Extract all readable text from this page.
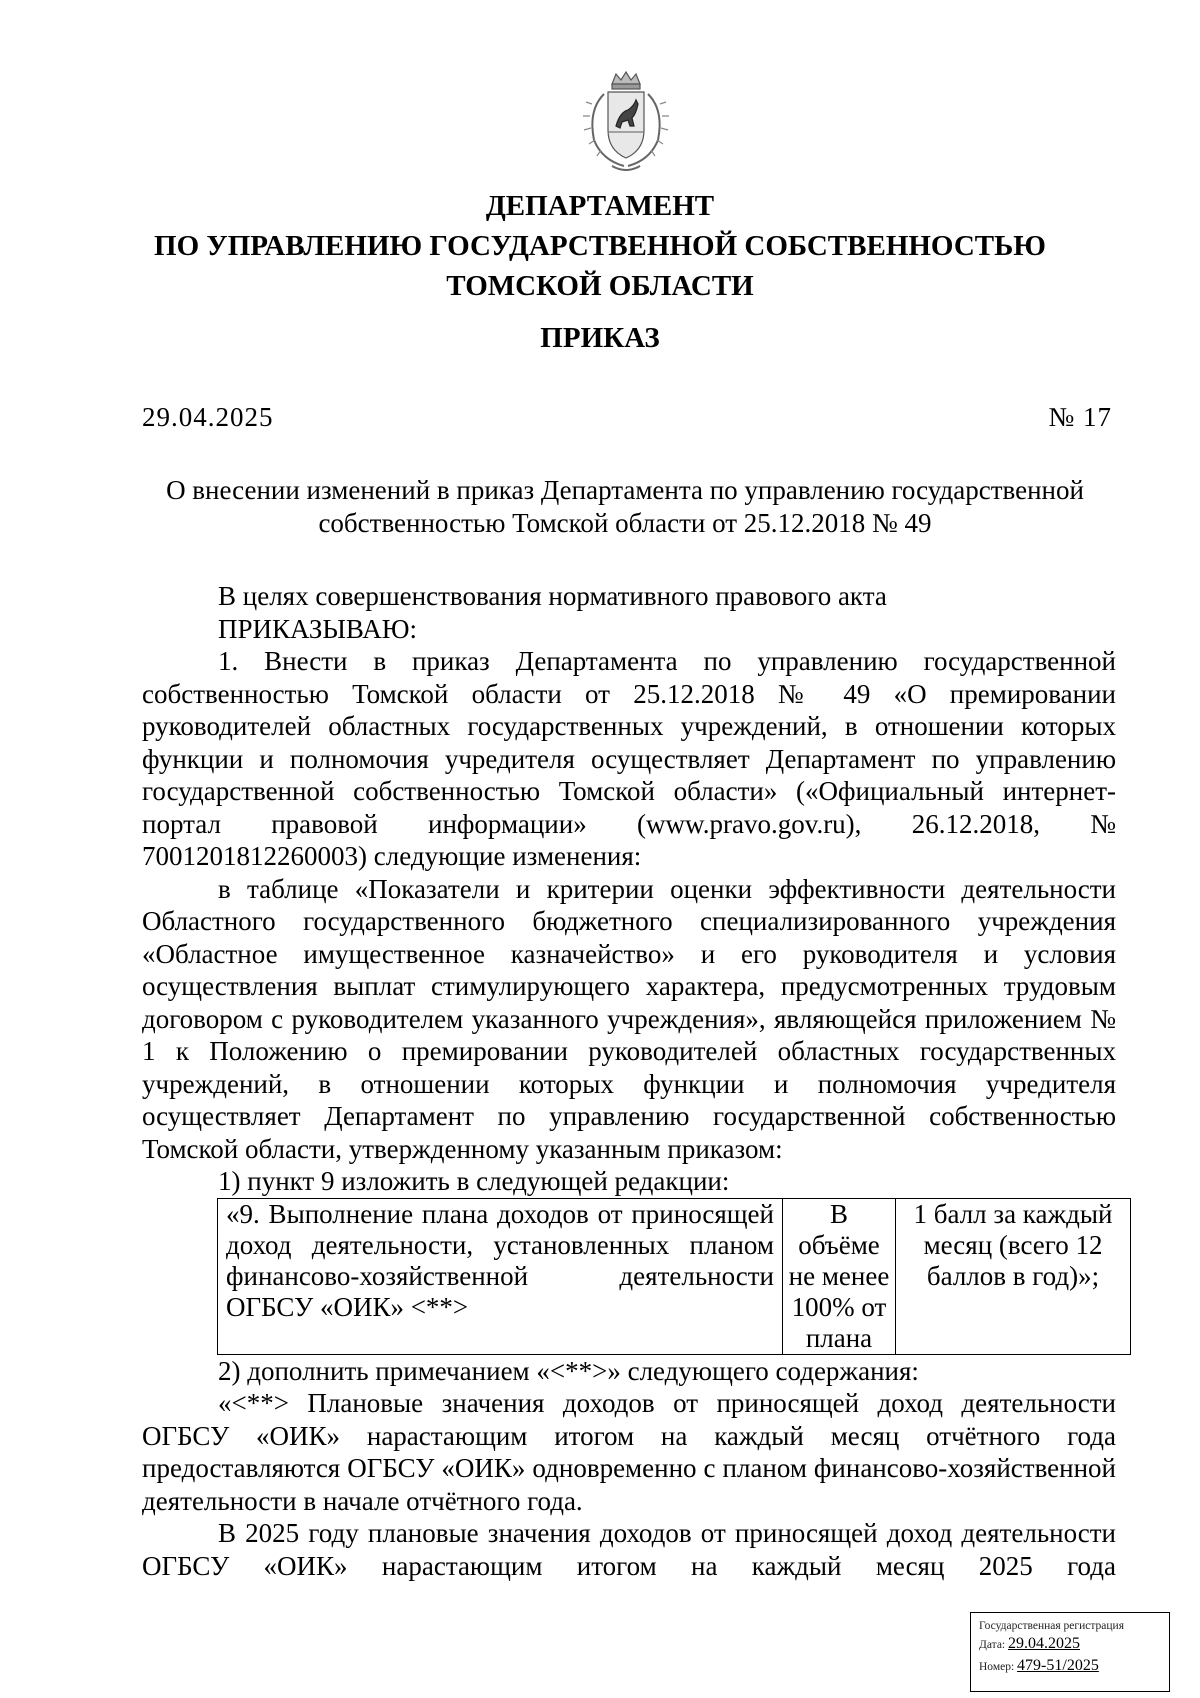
ДЕПАРТАМЕНТ
ПО УПРАВЛЕНИЮ ГОСУДАРСТВЕННОЙ СОБСТВЕННОСТЬЮ
ТОМСКОЙ ОБЛАСТИ
ПРИКАЗ
29.04.2025	№ 17
О внесении изменений в приказ Департамента по управлению государственной
собственностью Томской области от 25.12.2018 № 49

В целях совершенствования нормативного правового акта

ПРИКАЗЫВАЮ:

1. Внести в приказ Департамента по управлению государственной собственностью Томской области от 25.12.2018 № 49 «О премировании руководителей областных государственных учреждений, в отношении которых функции и полномочия учредителя осуществляет Департамент по управлению государственной собственностью Томской области» («Официальный интернет-портал правовой информации» (www.pravo.gov.ru), 26.12.2018, № 7001201812260003) следующие изменения:

в таблице «Показатели и критерии оценки эффективности деятельности Областного государственного бюджетного специализированного учреждения «Областное имущественное казначейство» и его руководителя и условия осуществления выплат стимулирующего характера, предусмотренных трудовым договором с руководителем указанного учреждения», являющейся приложением № 1 к Положению о премировании руководителей областных государственных учреждений, в отношении которых функции и полномочия учредителя осуществляет Департамент по управлению государственной собственностью Томской области, утвержденному указанным приказом:

1) пункт 9 изложить в следующей редакции:

«9. Выполнение плана доходов от приносящей доход деятельности, установленных планом финансово-хозяйственной деятельности ОГБСУ «ОИК» <**>	В объёме не менее 100% от плана	1 балл за каждый месяц (всего 12 баллов в год)»;

2) дополнить примечанием «<**>» следующего содержания:

«<**> Плановые значения доходов от приносящей доход деятельности ОГБСУ «ОИК» нарастающим итогом на каждый месяц отчётного года предоставляются ОГБСУ «ОИК» одновременно с планом финансово-хозяйственной деятельности в начале отчётного года.

В 2025 году плановые значения доходов от приносящей доход деятельности ОГБСУ «ОИК» нарастающим итогом на каждый месяц 2025 года

Государственная регистрация
Дата: 29.04.2025
Номер: 479-51/2025
